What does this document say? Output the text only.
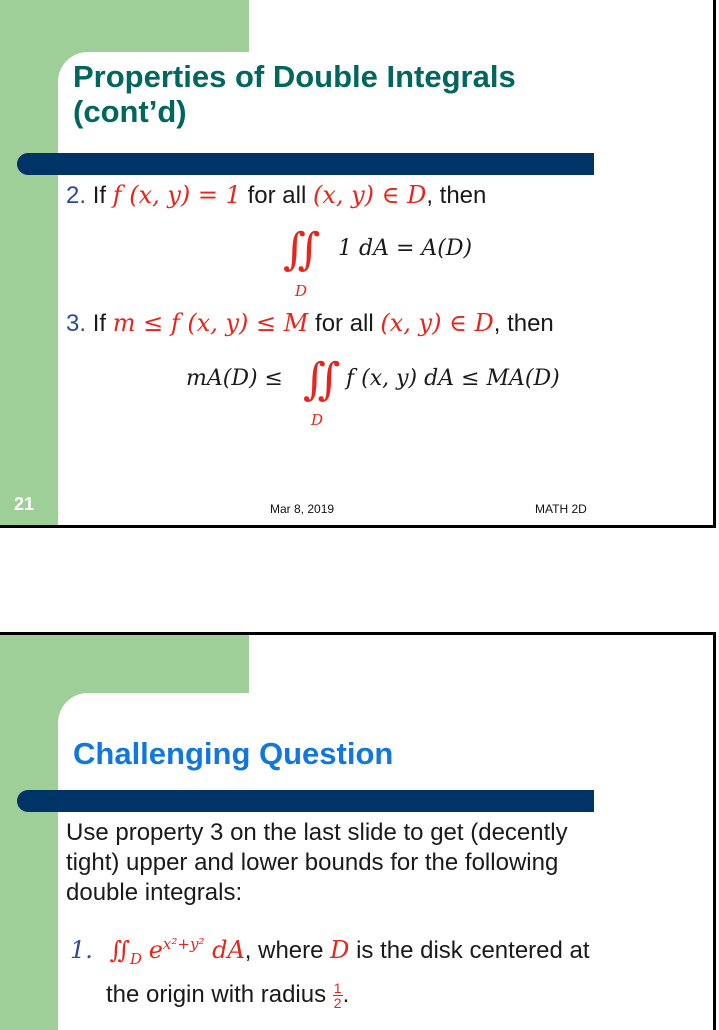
Properties of Double Integrals
(cont’d)
2. If f (x, y) = 1 for all (x, y) ∈ D, then
∬ 1 dA = A(D)
D
3. If m ≤ f (x, y) ≤ M for all (x, y) ∈ D, then
mA(D) ≤ ∬ f (x, y) dA ≤ MA(D)
D
21	Mar 8, 2019	MATH 2D
Challenging Question
Use property 3 on the last slide to get (decently
tight) upper and lower bounds for the following
double integrals:
1. $∬_D$ $e^{x^2+y^2}$ dA, where D is the disk centered at
the origin with radius $\frac{1}{2}$ .
